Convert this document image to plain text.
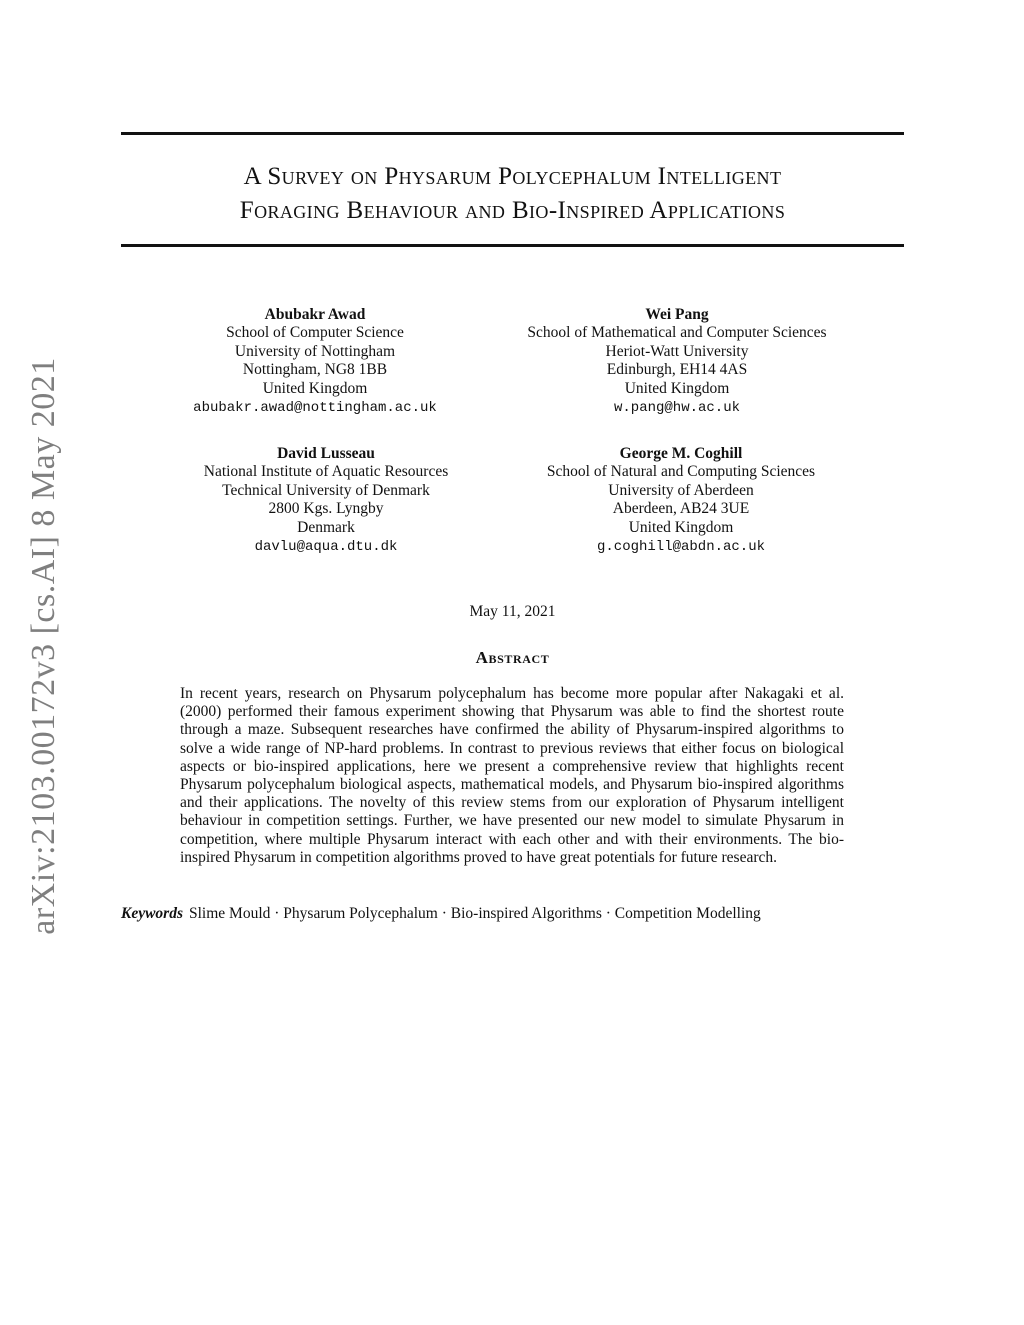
arXiv:2103.00172v3 [cs.AI] 8 May 2021
A Survey on Physarum Polycephalum Intelligent
Foraging Behaviour and Bio-Inspired Applications
Abubakr Awad
School of Computer Science
University of Nottingham
Nottingham, NG8 1BB
United Kingdom
abubakr.awad@nottingham.ac.uk
Wei Pang
School of Mathematical and Computer Sciences
Heriot-Watt University
Edinburgh, EH14 4AS
United Kingdom
w.pang@hw.ac.uk
David Lusseau
National Institute of Aquatic Resources
Technical University of Denmark
2800 Kgs. Lyngby
Denmark
davlu@aqua.dtu.dk
George M. Coghill
School of Natural and Computing Sciences
University of Aberdeen
Aberdeen, AB24 3UE
United Kingdom
g.coghill@abdn.ac.uk
May 11, 2021
Abstract
In recent years, research on Physarum polycephalum has become more popular after Nakagaki et al. (2000) performed their famous experiment showing that Physarum was able to find the shortest route through a maze. Subsequent researches have confirmed the ability of Physarum-inspired algorithms to solve a wide range of NP-hard problems. In contrast to previous reviews that either focus on biological aspects or bio-inspired applications, here we present a comprehensive review that highlights recent Physarum polycephalum biological aspects, mathematical models, and Physarum bio-inspired algorithms and their applications. The novelty of this review stems from our exploration of Physarum intelligent behaviour in competition settings. Further, we have presented our new model to simulate Physarum in competition, where multiple Physarum interact with each other and with their environments. The bio-inspired Physarum in competition algorithms proved to have great potentials for future research.
Keywords Slime Mould · Physarum Polycephalum · Bio-inspired Algorithms · Competition Modelling
